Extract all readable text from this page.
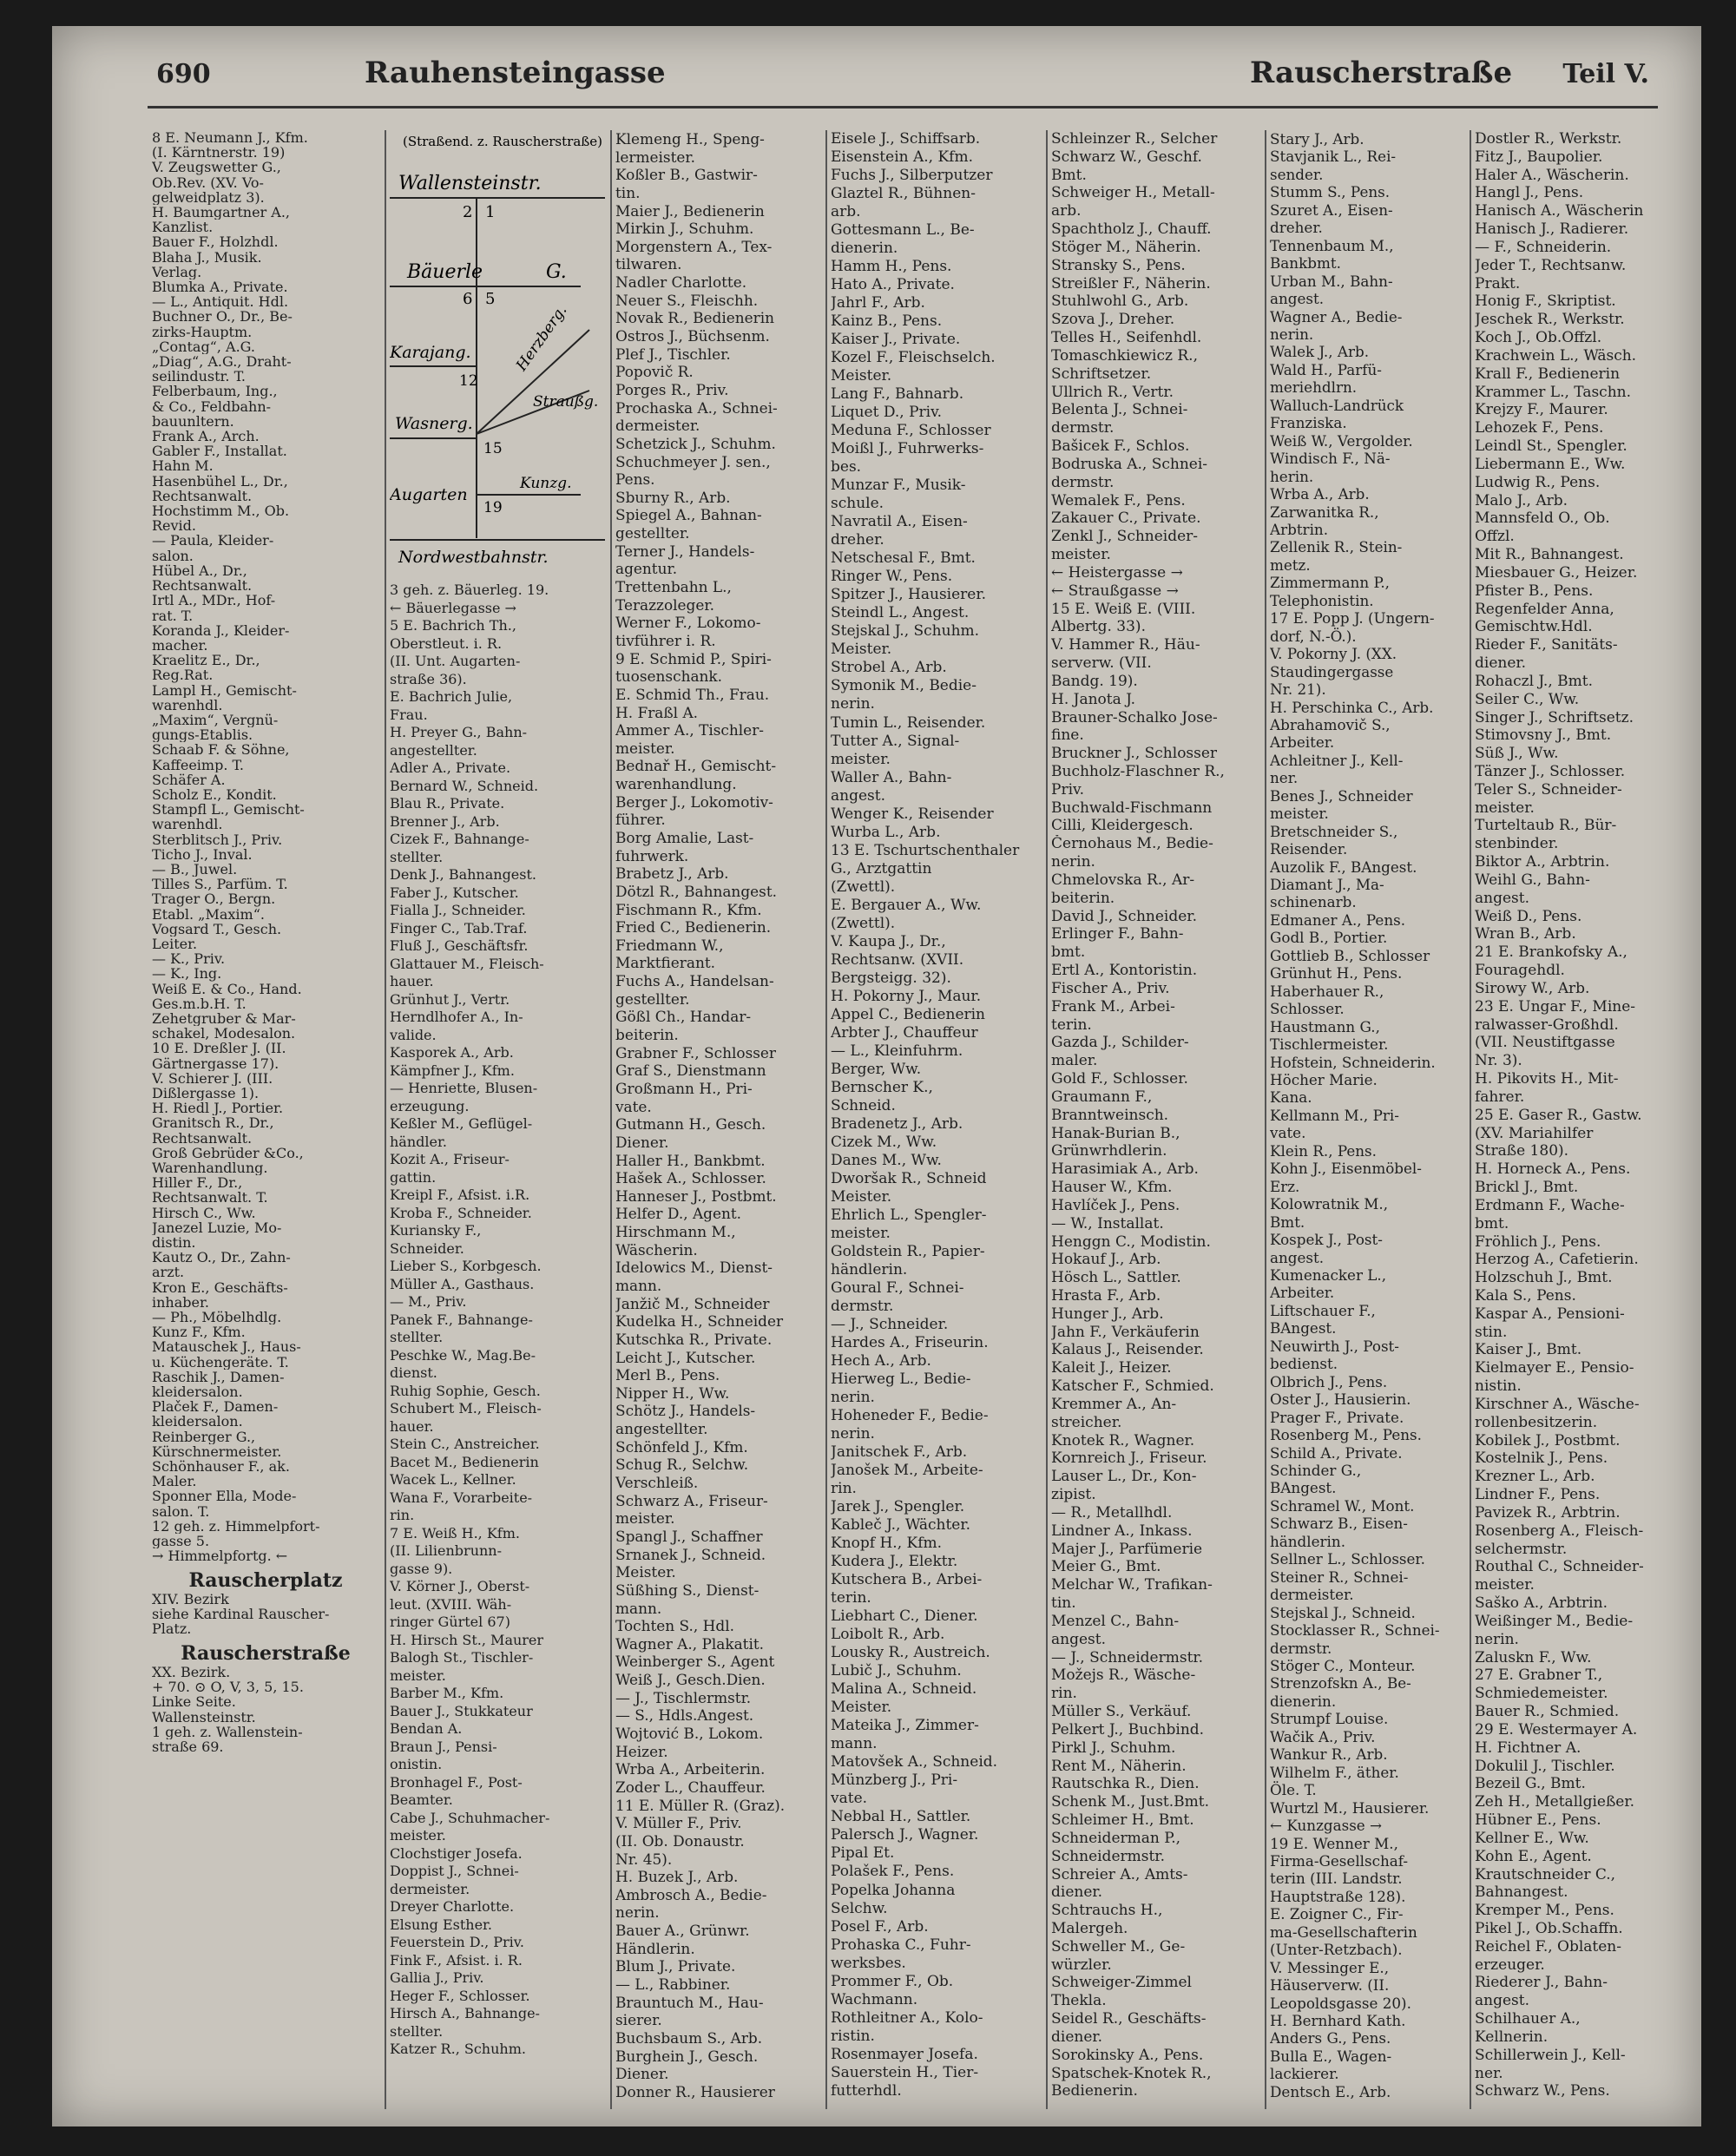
690	Rauhensteingasse	Rauscherstraße Teil V.
8 E. Neumann J., Kfm.
(I. Kärntnerstr. 19)
V. Zeugswetter G.,
Ob.Rev. (XV. Vo-
gelweidplatz 3).
H. Baumgartner A.,
Kanzlist.
Bauer F., Holzhdl.
Blaha J., Musik.
Verlag.
Blumka A., Private.
— L., Antiquit. Hdl.
Buchner O., Dr., Be-
zirks-Hauptm.
„Contag“, A.G.
„Diag“, A.G., Draht-
seilindustr. T.
Felberbaum, Ing.,
& Co., Feldbahn-
bauunltern.
Frank A., Arch.
Gabler F., Installat.
Hahn M.
Hasenbühel L., Dr.,
Rechtsanwalt.
Hochstimm M., Ob.
Revid.
— Paula, Kleider-
salon.
Hübel A., Dr.,
Rechtsanwalt.
Irtl A., MDr., Hof-
rat. T.
Koranda J., Kleider-
macher.
Kraelitz E., Dr.,
Reg.Rat.
Lampl H., Gemischt-
warenhdl.
„Maxim“, Vergnü-
gungs-Etablis.
Schaab F. & Söhne,
Kaffeeimp. T.
Schäfer A.
Scholz E., Kondit.
Stampfl L., Gemischt-
warenhdl.
Sterblitsch J., Priv.
Ticho J., Inval.
— B., Juwel.
Tilles S., Parfüm. T.
Trager O., Bergn.
Etabl. „Maxim“.
Vogsard T., Gesch.
Leiter.
— K., Priv.
— K., Ing.
Weiß E. & Co., Hand.
Ges.m.b.H. T.
Zehetgruber & Mar-
schakel, Modesalon.
10 E. Dreßler J. (II.
Gärtnergasse 17).
V. Schierer J. (III.
Dißlergasse 1).
H. Riedl J., Portier.
Granitsch R., Dr.,
Rechtsanwalt.
Groß Gebrüder &Co.,
Warenhandlung.
Hiller F., Dr.,
Rechtsanwalt. T.
Hirsch C., Ww.
Janezel Luzie, Mo-
distin.
Kautz O., Dr., Zahn-
arzt.
Kron E., Geschäfts-
inhaber.
— Ph., Möbelhdlg.
Kunz F., Kfm.
Matauschek J., Haus-
u. Küchengeräte. T.
Raschik J., Damen-
kleidersalon.
Plaček F., Damen-
kleidersalon.
Reinberger G.,
Kürschnermeister.
Schönhauser F., ak.
Maler.
Sponner Ella, Mode-
salon. T.
12 geh. z. Himmelpfort-
gasse 5.
→ Himmelpfortg. ←
Rauscherplatz
XIV. Bezirk
siehe Kardinal Rauscher-
Platz.
Rauscherstraße
XX. Bezirk.
+ 70. ⊙ O, V, 3, 5, 15.
Linke Seite.
Wallensteinstr.
1 geh. z. Wallenstein-
straße 69.
(Straßend. z. Rauscherstraße)
Wallensteinstr.
2 1
Bäuerle	G.
6 5
Karajang.
12
Herzberg.
Straußg.
Wasnerg.
15
Augarten
Kunzg.
19
Nordwestbahnstr.
3 geh. z. Bäuerleg. 19.
← Bäuerlegasse →
5 E. Bachrich Th.,
Oberstleut. i. R.
(II. Unt. Augarten-
straße 36).
E. Bachrich Julie,
Frau.
H. Preyer G., Bahn-
angestellter.
Adler A., Private.
Bernard W., Schneid.
Blau R., Private.
Brenner J., Arb.
Cizek F., Bahnange-
stellter.
Denk J., Bahnangest.
Faber J., Kutscher.
Fialla J., Schneider.
Finger C., Tab.Traf.
Fluß J., Geschäftsfr.
Glattauer M., Fleisch-
hauer.
Grünhut J., Vertr.
Herndlhofer A., In-
valide.
Kasporek A., Arb.
Kämpfner J., Kfm.
— Henriette, Blusen-
erzeugung.
Keßler M., Geflügel-
händler.
Kozit A., Friseur-
gattin.
Kreipl F., Afsist. i.R.
Kroba F., Schneider.
Kuriansky F.,
Schneider.
Lieber S., Korbgesch.
Müller A., Gasthaus.
— M., Priv.
Panek F., Bahnange-
stellter.
Peschke W., Mag.Be-
dienst.
Ruhig Sophie, Gesch.
Schubert M., Fleisch-
hauer.
Stein C., Anstreicher.
Bacet M., Bedienerin
Wacek L., Kellner.
Wana F., Vorarbeite-
rin.
7 E. Weiß H., Kfm.
(II. Lilienbrunn-
gasse 9).
V. Körner J., Oberst-
leut. (XVIII. Wäh-
ringer Gürtel 67)
H. Hirsch St., Maurer
Balogh St., Tischler-
meister.
Barber M., Kfm.
Bauer J., Stukkateur
Bendan A.
Braun J., Pensi-
onistin.
Bronhagel F., Post-
Beamter.
Cabe J., Schuhmacher-
meister.
Clochstiger Josefa.
Doppist J., Schnei-
dermeister.
Dreyer Charlotte.
Elsung Esther.
Feuerstein D., Priv.
Fink F., Afsist. i. R.
Gallia J., Priv.
Heger F., Schlosser.
Hirsch A., Bahnange-
stellter.
Katzer R., Schuhm.
Klemeng H., Speng-
lermeister.
Koßler B., Gastwir-
tin.
Maier J., Bedienerin
Mirkin J., Schuhm.
Morgenstern A., Tex-
tilwaren.
Nadler Charlotte.
Neuer S., Fleischh.
Novak R., Bedienerin
Ostros J., Büchsenm.
Plef J., Tischler.
Popovič R.
Porges R., Priv.
Prochaska A., Schnei-
dermeister.
Schetzick J., Schuhm.
Schuchmeyer J. sen.,
Pens.
Sburny R., Arb.
Spiegel A., Bahnan-
gestellter.
Terner J., Handels-
agentur.
Trettenbahn L.,
Terazzoleger.
Werner F., Lokomo-
tivführer i. R.
9 E. Schmid P., Spiri-
tuosenschank.
E. Schmid Th., Frau.
H. Fraßl A.
Ammer A., Tischler-
meister.
Bednař H., Gemischt-
warenhandlung.
Berger J., Lokomotiv-
führer.
Borg Amalie, Last-
fuhrwerk.
Brabetz J., Arb.
Dötzl R., Bahnangest.
Fischmann R., Kfm.
Fried C., Bedienerin.
Friedmann W.,
Marktfierant.
Fuchs A., Handelsan-
gestellter.
Gößl Ch., Handar-
beiterin.
Grabner F., Schlosser
Graf S., Dienstmann
Großmann H., Pri-
vate.
Gutmann H., Gesch.
Diener.
Haller H., Bankbmt.
Hašek A., Schlosser.
Hanneser J., Postbmt.
Helfer D., Agent.
Hirschmann M.,
Wäscherin.
Idelowics M., Dienst-
mann.
Janžič M., Schneider
Kudelka H., Schneider
Kutschka R., Private.
Leicht J., Kutscher.
Merl B., Pens.
Nipper H., Ww.
Schötz J., Handels-
angestellter.
Schönfeld J., Kfm.
Schug R., Selchw.
Verschleiß.
Schwarz A., Friseur-
meister.
Spangl J., Schaffner
Srnanek J., Schneid.
Meister.
Süßhing S., Dienst-
mann.
Tochten S., Hdl.
Wagner A., Plakatit.
Weinberger S., Agent
Weiß J., Gesch.Dien.
— J., Tischlermstr.
— S., Hdls.Angest.
Wojtović B., Lokom.
Heizer.
Wrba A., Arbeiterin.
Zoder L., Chauffeur.
11 E. Müller R. (Graz).
V. Müller F., Priv.
(II. Ob. Donaustr.
Nr. 45).
H. Buzek J., Arb.
Ambrosch A., Bedie-
nerin.
Bauer A., Grünwr.
Händlerin.
Blum J., Private.
— L., Rabbiner.
Brauntuch M., Hau-
sierer.
Buchsbaum S., Arb.
Burghein J., Gesch.
Diener.
Donner R., Hausierer
Eisele J., Schiffsarb.
Eisenstein A., Kfm.
Fuchs J., Silberputzer
Glaztel R., Bühnen-
arb.
Gottesmann L., Be-
dienerin.
Hamm H., Pens.
Hato A., Private.
Jahrl F., Arb.
Kainz B., Pens.
Kaiser J., Private.
Kozel F., Fleischselch.
Meister.
Lang F., Bahnarb.
Liquet D., Priv.
Meduna F., Schlosser
Moißl J., Fuhrwerks-
bes.
Munzar F., Musik-
schule.
Navratil A., Eisen-
dreher.
Netschesal F., Bmt.
Ringer W., Pens.
Spitzer J., Hausierer.
Steindl L., Angest.
Stejskal J., Schuhm.
Meister.
Strobel A., Arb.
Symonik M., Bedie-
nerin.
Tumin L., Reisender.
Tutter A., Signal-
meister.
Waller A., Bahn-
angest.
Wenger K., Reisender
Wurba L., Arb.
13 E. Tschurtschenthaler
G., Arztgattin
(Zwettl).
E. Bergauer A., Ww.
(Zwettl).
V. Kaupa J., Dr.,
Rechtsanw. (XVII.
Bergsteigg. 32).
H. Pokorny J., Maur.
Appel C., Bedienerin
Arbter J., Chauffeur
— L., Kleinfuhrm.
Berger, Ww.
Bernscher K.,
Schneid.
Bradenetz J., Arb.
Cizek M., Ww.
Danes M., Ww.
Dworšak R., Schneid
Meister.
Ehrlich L., Spengler-
meister.
Goldstein R., Papier-
händlerin.
Goural F., Schnei-
dermstr.
— J., Schneider.
Hardes A., Friseurin.
Hech A., Arb.
Hierweg L., Bedie-
nerin.
Hoheneder F., Bedie-
nerin.
Janitschek F., Arb.
Janošek M., Arbeite-
rin.
Jarek J., Spengler.
Kableč J., Wächter.
Knopf H., Kfm.
Kudera J., Elektr.
Kutschera B., Arbei-
terin.
Liebhart C., Diener.
Loibolt R., Arb.
Lousky R., Austreich.
Lubič J., Schuhm.
Malina A., Schneid.
Meister.
Mateika J., Zimmer-
mann.
Matovšek A., Schneid.
Münzberg J., Pri-
vate.
Nebbal H., Sattler.
Palersch J., Wagner.
Pipal Et.
Polašek F., Pens.
Popelka Johanna
Selchw.
Posel F., Arb.
Prohaska C., Fuhr-
werksbes.
Prommer F., Ob.
Wachmann.
Rothleitner A., Kolo-
ristin.
Rosenmayer Josefa.
Sauerstein H., Tier-
futterhdl.
Schleinzer R., Selcher
Schwarz W., Geschf.
Bmt.
Schweiger H., Metall-
arb.
Spachtholz J., Chauff.
Stöger M., Näherin.
Stransky S., Pens.
Streißler F., Näherin.
Stuhlwohl G., Arb.
Szova J., Dreher.
Telles H., Seifenhdl.
Tomaschkiewicz R.,
Schriftsetzer.
Ullrich R., Vertr.
Belenta J., Schnei-
dermstr.
Bašicek F., Schlos.
Bodruska A., Schnei-
dermstr.
Wemalek F., Pens.
Zakauer C., Private.
Zenkl J., Schneider-
meister.
← Heistergasse →
← Straußgasse →
15 E. Weiß E. (VIII.
Albertg. 33).
V. Hammer R., Häu-
serverw. (VII.
Bandg. 19).
H. Janota J.
Brauner-Schalko Jose-
fine.
Bruckner J., Schlosser
Buchholz-Flaschner R.,
Priv.
Buchwald-Fischmann
Cilli, Kleidergesch.
Černohaus M., Bedie-
nerin.
Chmelovska R., Ar-
beiterin.
David J., Schneider.
Erlinger F., Bahn-
bmt.
Ertl A., Kontoristin.
Fischer A., Priv.
Frank M., Arbei-
terin.
Gazda J., Schilder-
maler.
Gold F., Schlosser.
Graumann F.,
Branntweinsch.
Hanak-Burian B.,
Grünwrhdlerin.
Harasimiak A., Arb.
Hauser W., Kfm.
Havlíček J., Pens.
— W., Installat.
Henggn C., Modistin.
Hokauf J., Arb.
Hösch L., Sattler.
Hrasta F., Arb.
Hunger J., Arb.
Jahn F., Verkäuferin
Kalaus J., Reisender.
Kaleit J., Heizer.
Katscher F., Schmied.
Kremmer A., An-
streicher.
Knotek R., Wagner.
Kornreich J., Friseur.
Lauser L., Dr., Kon-
zipist.
— R., Metallhdl.
Lindner A., Inkass.
Majer J., Parfümerie
Meier G., Bmt.
Melchar W., Trafikan-
tin.
Menzel C., Bahn-
angest.
— J., Schneidermstr.
Možejs R., Wäsche-
rin.
Müller S., Verkäuf.
Pelkert J., Buchbind.
Pirkl J., Schuhm.
Rent M., Näherin.
Rautschka R., Dien.
Schenk M., Just.Bmt.
Schleimer H., Bmt.
Schneiderman P.,
Schneidermstr.
Schreier A., Amts-
diener.
Schtrauchs H.,
Malergeh.
Schweller M., Ge-
würzler.
Schweiger-Zimmel
Thekla.
Seidel R., Geschäfts-
diener.
Sorokinsky A., Pens.
Spatschek-Knotek R.,
Bedienerin.
Stary J., Arb.
Stavjanik L., Rei-
sender.
Stumm S., Pens.
Szuret A., Eisen-
dreher.
Tennenbaum M.,
Bankbmt.
Urban M., Bahn-
angest.
Wagner A., Bedie-
nerin.
Walek J., Arb.
Wald H., Parfü-
meriehdlrn.
Walluch-Landrück
Franziska.
Weiß W., Vergolder.
Windisch F., Nä-
herin.
Wrba A., Arb.
Zarwanitka R.,
Arbtrin.
Zellenik R., Stein-
metz.
Zimmermann P.,
Telephonistin.
17 E. Popp J. (Ungern-
dorf, N.-Ö.).
V. Pokorny J. (XX.
Staudingergasse
Nr. 21).
H. Perschinka C., Arb.
Abrahamovič S.,
Arbeiter.
Achleitner J., Kell-
ner.
Benes J., Schneider
meister.
Bretschneider S.,
Reisender.
Auzolik F., BAngest.
Diamant J., Ma-
schinenarb.
Edmaner A., Pens.
Godl B., Portier.
Gottlieb B., Schlosser
Grünhut H., Pens.
Haberhauer R.,
Schlosser.
Haustmann G.,
Tischlermeister.
Hofstein, Schneiderin.
Höcher Marie.
Kana.
Kellmann M., Pri-
vate.
Klein R., Pens.
Kohn J., Eisenmöbel-
Erz.
Kolowratnik M.,
Bmt.
Kospek J., Post-
angest.
Kumenacker L.,
Arbeiter.
Liftschauer F.,
BAngest.
Neuwirth J., Post-
bedienst.
Olbrich J., Pens.
Oster J., Hausierin.
Prager F., Private.
Rosenberg M., Pens.
Schild A., Private.
Schinder G.,
BAngest.
Schramel W., Mont.
Schwarz B., Eisen-
händlerin.
Sellner L., Schlosser.
Steiner R., Schnei-
dermeister.
Stejskal J., Schneid.
Stocklasser R., Schnei-
dermstr.
Stöger C., Monteur.
Strenzofskn A., Be-
dienerin.
Strumpf Louise.
Wačik A., Priv.
Wankur R., Arb.
Wilhelm F., äther.
Öle. T.
Wurtzl M., Hausierer.
← Kunzgasse →
19 E. Wenner M.,
Firma-Gesellschaf-
terin (III. Landstr.
Hauptstraße 128).
E. Zoigner C., Fir-
ma-Gesellschafterin
(Unter-Retzbach).
V. Messinger E.,
Häuserverw. (II.
Leopoldsgasse 20).
H. Bernhard Kath.
Anders G., Pens.
Bulla E., Wagen-
lackierer.
Dentsch E., Arb.
Dostler R., Werkstr.
Fitz J., Baupolier.
Haler A., Wäscherin.
Hangl J., Pens.
Hanisch A., Wäscherin
Hanisch J., Radierer.
— F., Schneiderin.
Jeder T., Rechtsanw.
Prakt.
Honig F., Skriptist.
Jeschek R., Werkstr.
Koch J., Ob.Offzl.
Krachwein L., Wäsch.
Krall F., Bedienerin
Krammer L., Taschn.
Krejzy F., Maurer.
Lehozek F., Pens.
Leindl St., Spengler.
Liebermann E., Ww.
Ludwig R., Pens.
Malo J., Arb.
Mannsfeld O., Ob.
Offzl.
Mit R., Bahnangest.
Miesbauer G., Heizer.
Pfister B., Pens.
Regenfelder Anna,
Gemischtw.Hdl.
Rieder F., Sanitäts-
diener.
Rohaczl J., Bmt.
Seiler C., Ww.
Singer J., Schriftsetz.
Stimovsny J., Bmt.
Süß J., Ww.
Tänzer J., Schlosser.
Teler S., Schneider-
meister.
Turteltaub R., Bür-
stenbinder.
Biktor A., Arbtrin.
Weihl G., Bahn-
angest.
Weiß D., Pens.
Wran B., Arb.
21 E. Brankofsky A.,
Fouragehdl.
Sirowy W., Arb.
23 E. Ungar F., Mine-
ralwasser-Großhdl.
(VII. Neustiftgasse
Nr. 3).
H. Pikovits H., Mit-
fahrer.
25 E. Gaser R., Gastw.
(XV. Mariahilfer
Straße 180).
H. Horneck A., Pens.
Brickl J., Bmt.
Erdmann F., Wache-
bmt.
Fröhlich J., Pens.
Herzog A., Cafetierin.
Holzschuh J., Bmt.
Kala S., Pens.
Kaspar A., Pensioni-
stin.
Kaiser J., Bmt.
Kielmayer E., Pensio-
nistin.
Kirschner A., Wäsche-
rollenbesitzerin.
Kobilek J., Postbmt.
Kostelnik J., Pens.
Krezner L., Arb.
Lindner F., Pens.
Pavizek R., Arbtrin.
Rosenberg A., Fleisch-
selchermstr.
Routhal C., Schneider-
meister.
Saško A., Arbtrin.
Weißinger M., Bedie-
nerin.
Zaluskn F., Ww.
27 E. Grabner T.,
Schmiedemeister.
Bauer R., Schmied.
29 E. Westermayer A.
H. Fichtner A.
Dokulil J., Tischler.
Bezeil G., Bmt.
Zeh H., Metallgießer.
Hübner E., Pens.
Kellner E., Ww.
Kohn E., Agent.
Krautschneider C.,
Bahnangest.
Kremper M., Pens.
Pikel J., Ob.Schaffn.
Reichel F., Oblaten-
erzeuger.
Riederer J., Bahn-
angest.
Schilhauer A.,
Kellnerin.
Schillerwein J., Kell-
ner.
Schwarz W., Pens.
